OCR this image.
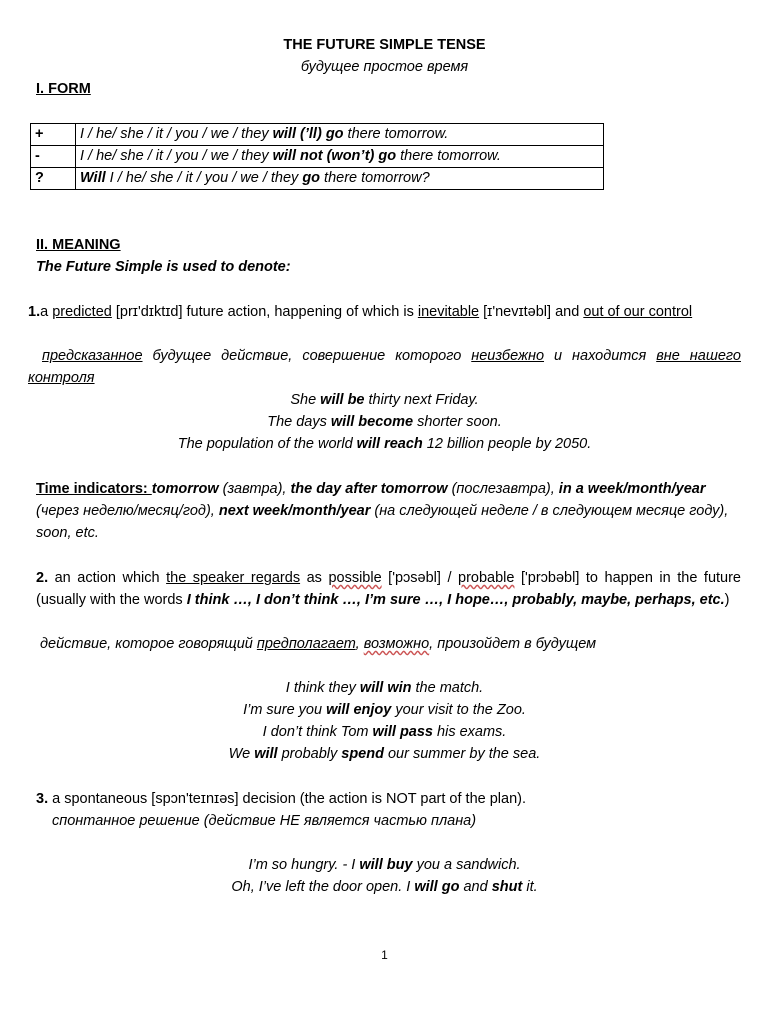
THE FUTURE SIMPLE TENSE
будущее простое время
I. FORM
+	I / he/ she / it / you / we / they will (’ll) go there tomorrow.
-	I / he/ she / it / you / we / they will not (won’t) go there tomorrow.
?	Will I / he/ she / it / you / we / they go there tomorrow?
II. MEANING
The Future Simple is used to denote:
1.a predicted [prɪ'dɪktɪd] future action, happening of which is inevitable [ɪ'nevɪtəbl] and out of our control
предсказанное будущее действие, совершение которого неизбежно и находится вне нашего контроля
She will be thirty next Friday.
The days will become shorter soon.
The population of the world will reach 12 billion people by 2050.
Time indicators: tomorrow (завтра), the day after tomorrow (послезавтра), in a week/month/year (через неделю/месяц/год), next week/month/year (на следующей неделе / в следующем месяце году), soon, etc.
2. an action which the speaker regards as possible ['pɔsəbl] / probable ['prɔbəbl] to happen in the future (usually with the words I think …, I don’t think …, I’m sure …, I hope…, probably, maybe, perhaps, etc.)
действие, которое говорящий предполагает, возможно, произойдет в будущем
I think they will win the match.
I’m sure you will enjoy your visit to the Zoo.
I don’t think Tom will pass his exams.
We will probably spend our summer by the sea.
3. a spontaneous [spɔn'teɪnɪəs] decision (the action is NOT part of the plan).
спонтанное решение (действие НЕ является частью плана)
I’m so hungry. - I will buy you a sandwich.
Oh, I’ve left the door open. I will go and shut it.
1
